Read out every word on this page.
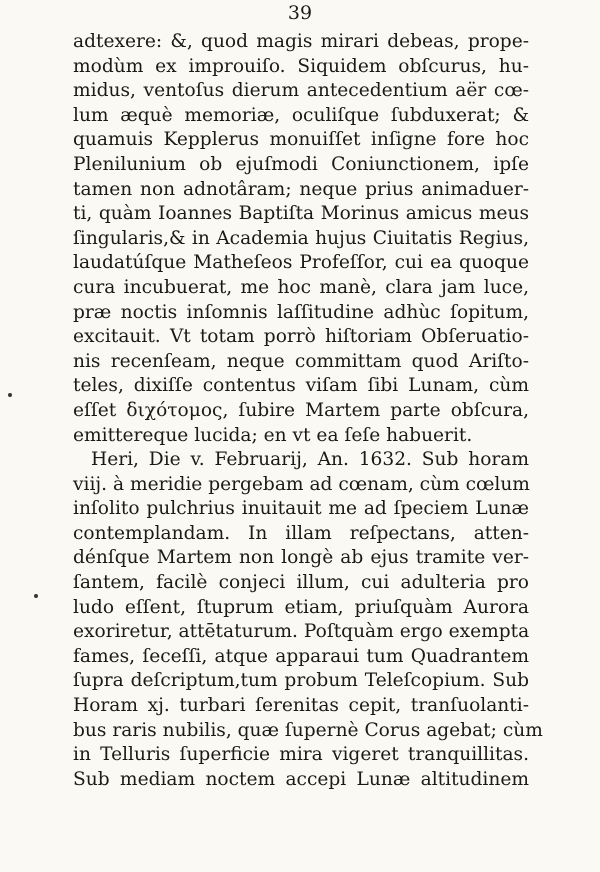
39
adtexere: &, quod magis mirari debeas, prope-
modùm ex improuiſo. Siquidem obſcurus, hu-
midus, ventoſus dierum antecedentium aër cœ-
lum æquè memoriæ, oculiſque ſubduxerat; &
quamuis Kepplerus monuiſſet inſigne fore hoc
Plenilunium ob ejuſmodi Coniunctionem, ipſe
tamen non adnotâram; neque prius animaduer-
ti, quàm Ioannes Baptiſta Morinus amicus meus
ſingularis,& in Academia hujus Ciuitatis Regius,
laudatúſque Matheſeos Profeſſor, cui ea quoque
cura incubuerat, me hoc manè, clara jam luce,
præ noctis inſomnis laſſitudine adhùc ſopitum,
excitauit. Vt totam porrò hiſtoriam Obſeruatio-
nis recenſeam, neque committam quod Ariſto-
teles, dixiſſe contentus viſam ſibi Lunam, cùm
eſſet διχότομος, ſubire Martem parte obſcura,
emittereque lucida; en vt ea ſeſe habuerit.
Heri, Die v. Februarij, An. 1632. Sub horam
viij. à meridie pergebam ad cœnam, cùm cœlum
inſolito pulchrius inuitauit me ad ſpeciem Lunæ
contemplandam. In illam reſpectans, atten-
dénſque Martem non longè ab ejus tramite ver-
ſantem, facilè conjeci illum, cui adulteria pro
ludo eſſent, ſtuprum etiam, priuſquàm Aurora
exoriretur, attētaturum. Poſtquàm ergo exempta
fames, ſeceſſi, atque apparaui tum Quadrantem
ſupra deſcriptum,tum probum Teleſcopium. Sub
Horam xj. turbari ſerenitas cepit, tranſuolanti-
bus raris nubilis, quæ ſupernè Corus agebat; cùm
in Telluris ſuperficie mira vigeret tranquillitas.
Sub mediam noctem accepi Lunæ altitudinem
